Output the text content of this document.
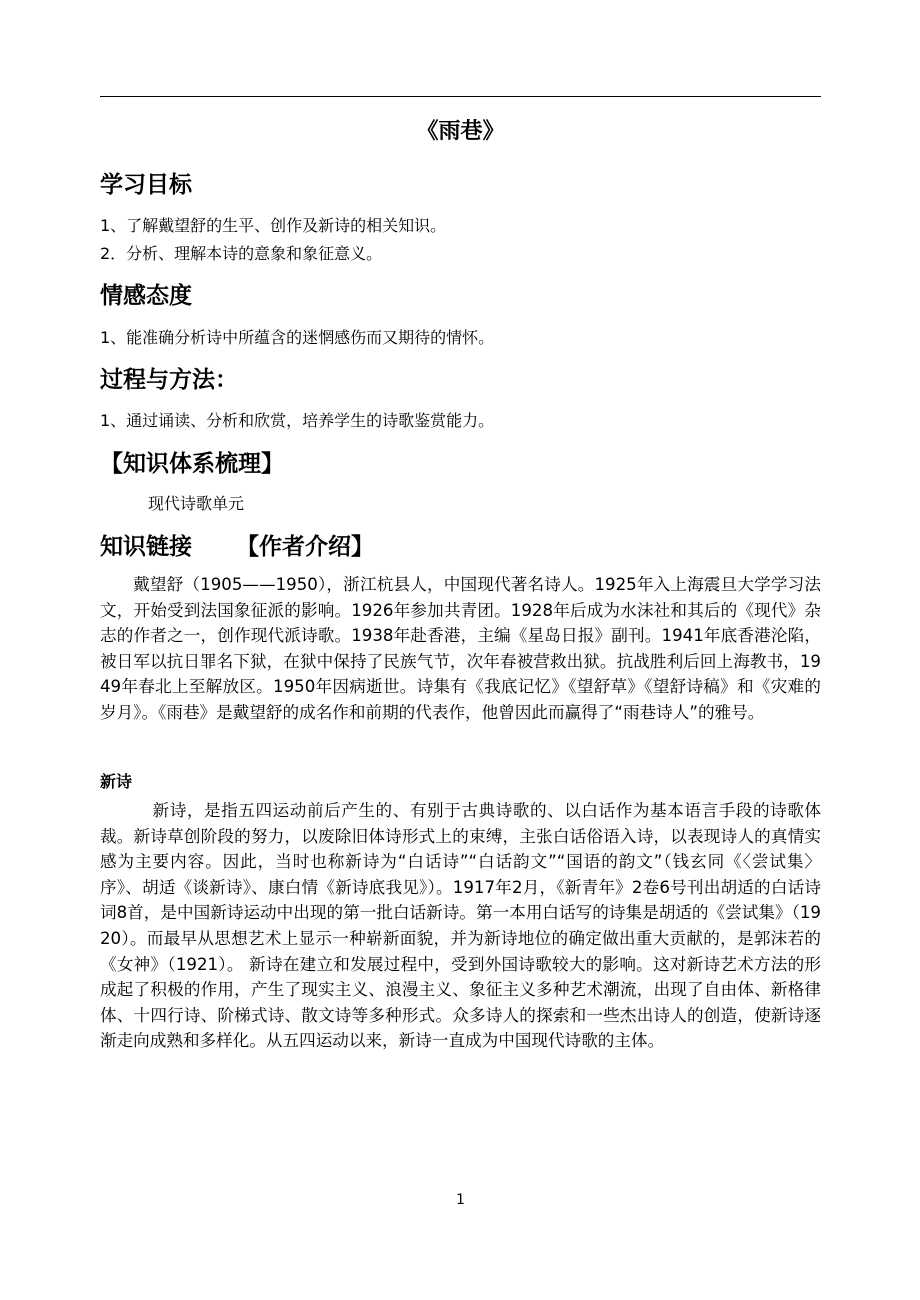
《雨巷》
学习目标
1、了解戴望舒的生平、创作及新诗的相关知识。
2．分析、理解本诗的意象和象征意义。
情感态度
1、能准确分析诗中所蕴含的迷惘感伤而又期待的情怀。
过程与方法：
1、通过诵读、分析和欣赏，培养学生的诗歌鉴赏能力。
【知识体系梳理】
现代诗歌单元
知识链接 【作者介绍】
戴望舒（1905——1950），浙江杭县人，中国现代著名诗人。1925年入上海震旦大学学习法文，开始受到法国象征派的影响。1926年参加共青团。1928年后成为水沫社和其后的《现代》杂志的作者之一，创作现代派诗歌。1938年赴香港，主编《星岛日报》副刊。1941年底香港沦陷，被日军以抗日罪名下狱，在狱中保持了民族气节，次年春被营救出狱。抗战胜利后回上海教书，1949年春北上至解放区。1950年因病逝世。诗集有《我底记忆》《望舒草》《望舒诗稿》和《灾难的岁月》。《雨巷》是戴望舒的成名作和前期的代表作，他曾因此而赢得了“雨巷诗人”的雅号。
新诗
新诗，是指五四运动前后产生的、有别于古典诗歌的、以白话作为基本语言手段的诗歌体裁。新诗草创阶段的努力，以废除旧体诗形式上的束缚，主张白话俗语入诗，以表现诗人的真情实感为主要内容。因此，当时也称新诗为“白话诗”“白话韵文”“国语的韵文”（钱玄同《〈尝试集〉序》、胡适《谈新诗》、康白情《新诗底我见》）。1917年2月，《新青年》2卷6号刊出胡适的白话诗词8首，是中国新诗运动中出现的第一批白话新诗。第一本用白话写的诗集是胡适的《尝试集》（1920）。而最早从思想艺术上显示一种崭新面貌，并为新诗地位的确定做出重大贡献的，是郭沫若的《女神》（1921）。 新诗在建立和发展过程中，受到外国诗歌较大的影响。这对新诗艺术方法的形成起了积极的作用，产生了现实主义、浪漫主义、象征主义多种艺术潮流，出现了自由体、新格律体、十四行诗、阶梯式诗、散文诗等多种形式。众多诗人的探索和一些杰出诗人的创造，使新诗逐渐走向成熟和多样化。从五四运动以来，新诗一直成为中国现代诗歌的主体。
1
